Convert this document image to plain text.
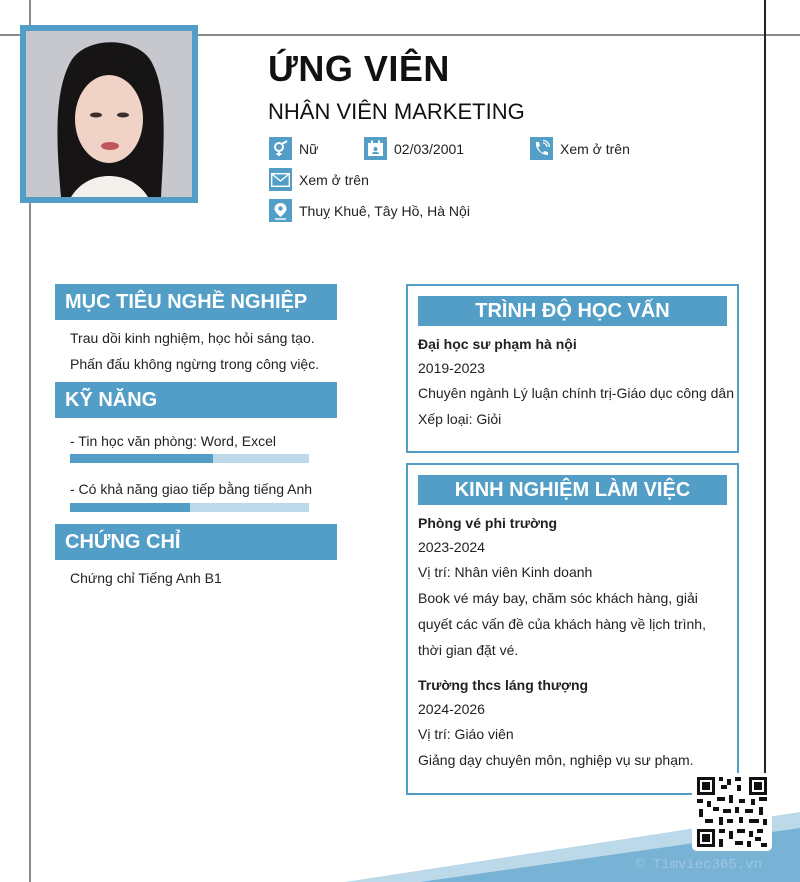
ỨNG VIÊN
NHÂN VIÊN MARKETING
Nữ	02/03/2001	Xem ở trên
Xem ở trên
Thuỵ Khuê, Tây Hồ, Hà Nội
MỤC TIÊU NGHỀ NGHIỆP
Trau dồi kinh nghiệm, học hỏi sáng tạo.
Phấn đấu không ngừng trong công việc.
KỸ NĂNG
- Tin học văn phòng: Word, Excel
- Có khả năng giao tiếp bằng tiếng Anh
CHỨNG CHỈ
Chứng chỉ Tiếng Anh B1
TRÌNH ĐỘ HỌC VẤN
Đại học sư phạm hà nội
2019-2023
Chuyên ngành Lý luận chính trị-Giáo dục công dân
Xếp loại: Giỏi
KINH NGHIỆM LÀM VIỆC
Phòng vé phi trường
2023-2024
Vị trí: Nhân viên Kinh doanh
Book vé máy bay, chăm sóc khách hàng, giải
quyết các vấn đề của khách hàng về lịch trình,
thời gian đặt vé.
Trường thcs láng thượng
2024-2026
Vị trí: Giáo viên
Giảng dạy chuyên môn, nghiệp vụ sư phạm.
© Timviec365.vn
